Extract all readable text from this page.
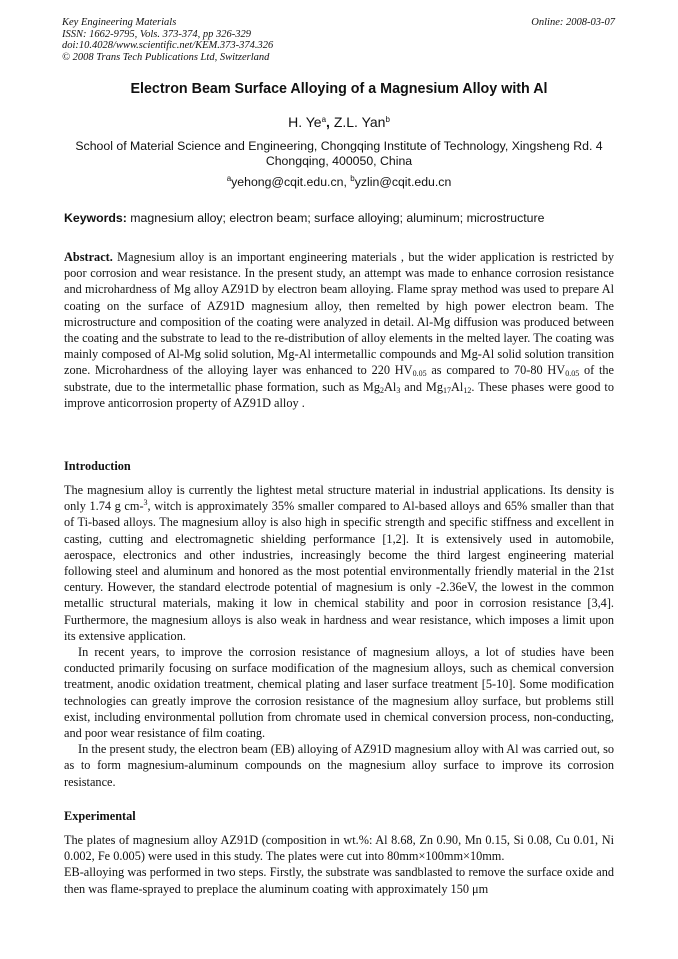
Key Engineering Materials
ISSN: 1662-9795, Vols. 373-374, pp 326-329
doi:10.4028/www.scientific.net/KEM.373-374.326
© 2008 Trans Tech Publications Ltd, Switzerland
Online: 2008-03-07
Electron Beam Surface Alloying of a Magnesium Alloy with Al
H. Ye$^a$, Z.L. Yan$^b$
School of Material Science and Engineering, Chongqing Institute of Technology, Xingsheng Rd. 4 Chongqing, 400050, China
$^a$yehong@cqit.edu.cn, $^b$yzlin@cqit.edu.cn
Keywords: magnesium alloy; electron beam; surface alloying; aluminum; microstructure

Abstract. Magnesium alloy is an important engineering materials , but the wider application is restricted by poor corrosion and wear resistance. In the present study, an attempt was made to enhance corrosion resistance and microhardness of Mg alloy AZ91D by electron beam alloying. Flame spray method was used to prepare Al coating on the surface of AZ91D magnesium alloy, then remelted by high power electron beam. The microstructure and composition of the coating were analyzed in detail. Al-Mg diffusion was produced between the coating and the substrate to lead to the re-distribution of alloy elements in the melted layer. The coating was mainly composed of Al-Mg solid solution, Mg-Al intermetallic compounds and Mg-Al solid solution transition zone. Microhardness of the alloying layer was enhanced to 220 $HV_{0.05}$ as compared to 70-80 $HV_{0.05}$ of the substrate, due to the intermetallic phase formation, such as $Mg_2Al_3$ and $Mg_{17}Al_{12}$. These phases were good to improve anticorrosion property of AZ91D alloy .

Introduction

The magnesium alloy is currently the lightest metal structure material in industrial applications. Its density is only 1.74 g cm-$^3$, witch is approximately 35% smaller compared to Al-based alloys and 65% smaller than that of Ti-based alloys. The magnesium alloy is also high in specific strength and specific stiffness and excellent in casting, cutting and electromagnetic shielding performance [1,2]. It is extensively used in automobile, aerospace, electronics and other industries, increasingly become the third largest engineering material following steel and aluminum and honored as the most potential environmentally friendly material in the 21st century. However, the standard electrode potential of magnesium is only -2.36eV, the lowest in the common metallic structural materials, making it low in chemical stability and poor in corrosion resistance [3,4]. Furthermore, the magnesium alloys is also weak in hardness and wear resistance, which imposes a limit upon its extensive application.

In recent years, to improve the corrosion resistance of magnesium alloys, a lot of studies have been conducted primarily focusing on surface modification of the magnesium alloys, such as chemical conversion treatment, anodic oxidation treatment, chemical plating and laser surface treatment [5-10]. Some modification technologies can greatly improve the corrosion resistance of the magnesium alloy surface, but problems still exist, including environmental pollution from chromate used in chemical conversion process, non-conducting, and poor wear resistance of film coating.

In the present study, the electron beam (EB) alloying of AZ91D magnesium alloy with Al was carried out, so as to form magnesium-aluminum compounds on the magnesium alloy surface to improve its corrosion resistance.

Experimental

The plates of magnesium alloy AZ91D (composition in wt.%: Al 8.68, Zn 0.90, Mn 0.15, Si 0.08, Cu 0.01, Ni 0.002, Fe 0.005) were used in this study. The plates were cut into 80mm×100mm×10mm.

EB-alloying was performed in two steps. Firstly, the substrate was sandblasted to remove the surface oxide and then was flame-sprayed to preplace the aluminum coating with approximately 150 μm
